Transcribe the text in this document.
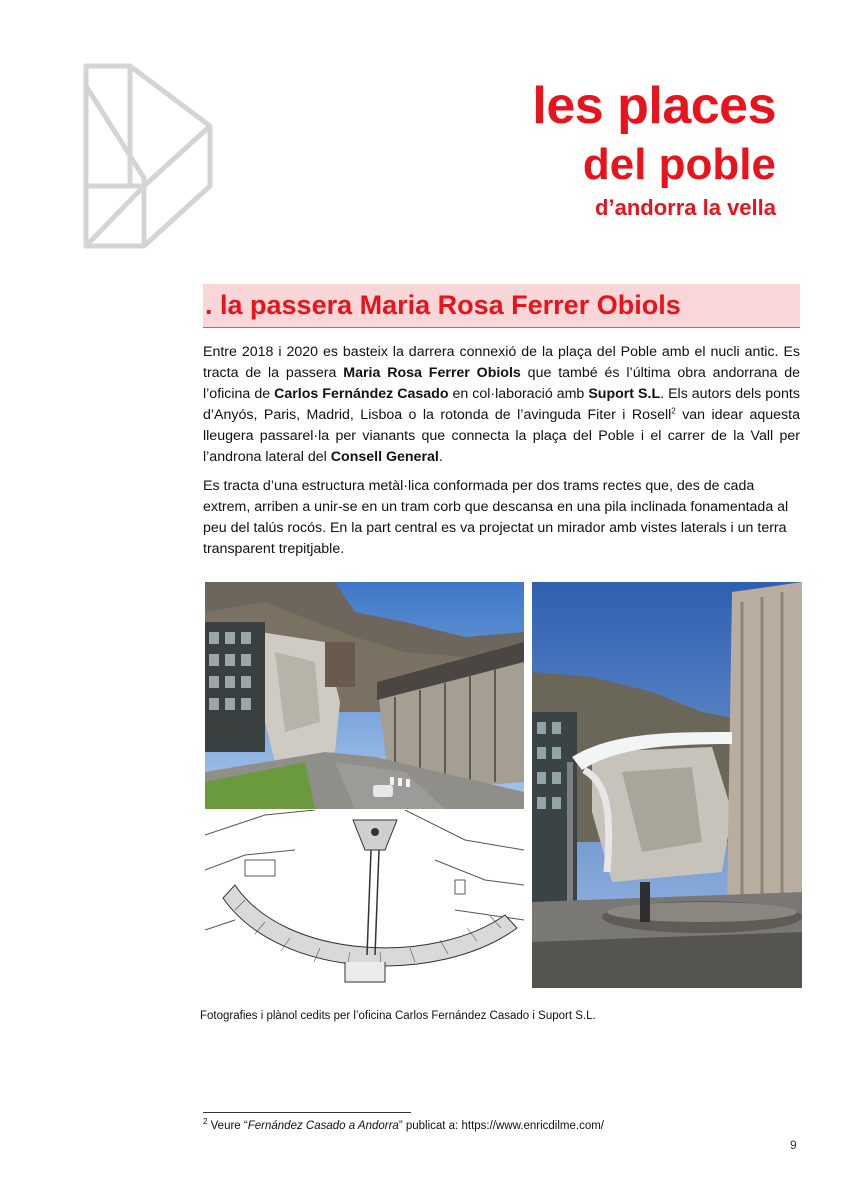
les places
del poble
d’andorra la vella
. la passera Maria Rosa Ferrer Obiols

Entre 2018 i 2020 es basteix la darrera connexió de la plaça del Poble amb el nucli antic. Es tracta de la passera Maria Rosa Ferrer Obiols que també és l’última obra andorrana de l’oficina de Carlos Fernández Casado en col·laboració amb Suport S.L. Els autors dels ponts d’Anyós, Paris, Madrid, Lisboa o la rotonda de l’avinguda Fiter i Rosell$^2$ van idear aquesta lleugera passarel·la per vianants que connecta la plaça del Poble i el carrer de la Vall per l’androna lateral del Consell General.

Es tracta d’una estructura metàl·lica conformada per dos trams rectes que, des de cada extrem, arriben a unir-se en un tram corb que descansa en una pila inclinada fonamentada al peu del talús rocós. En la part central es va projectat un mirador amb vistes laterals i un terra transparent trepitjable.

Fotografies i plànol cedits per l’oficina Carlos Fernández Casado i Suport S.L.
$^2$ Veure “Fernández Casado a Andorra” publicat a: https://www.enricdilme.com/
9
